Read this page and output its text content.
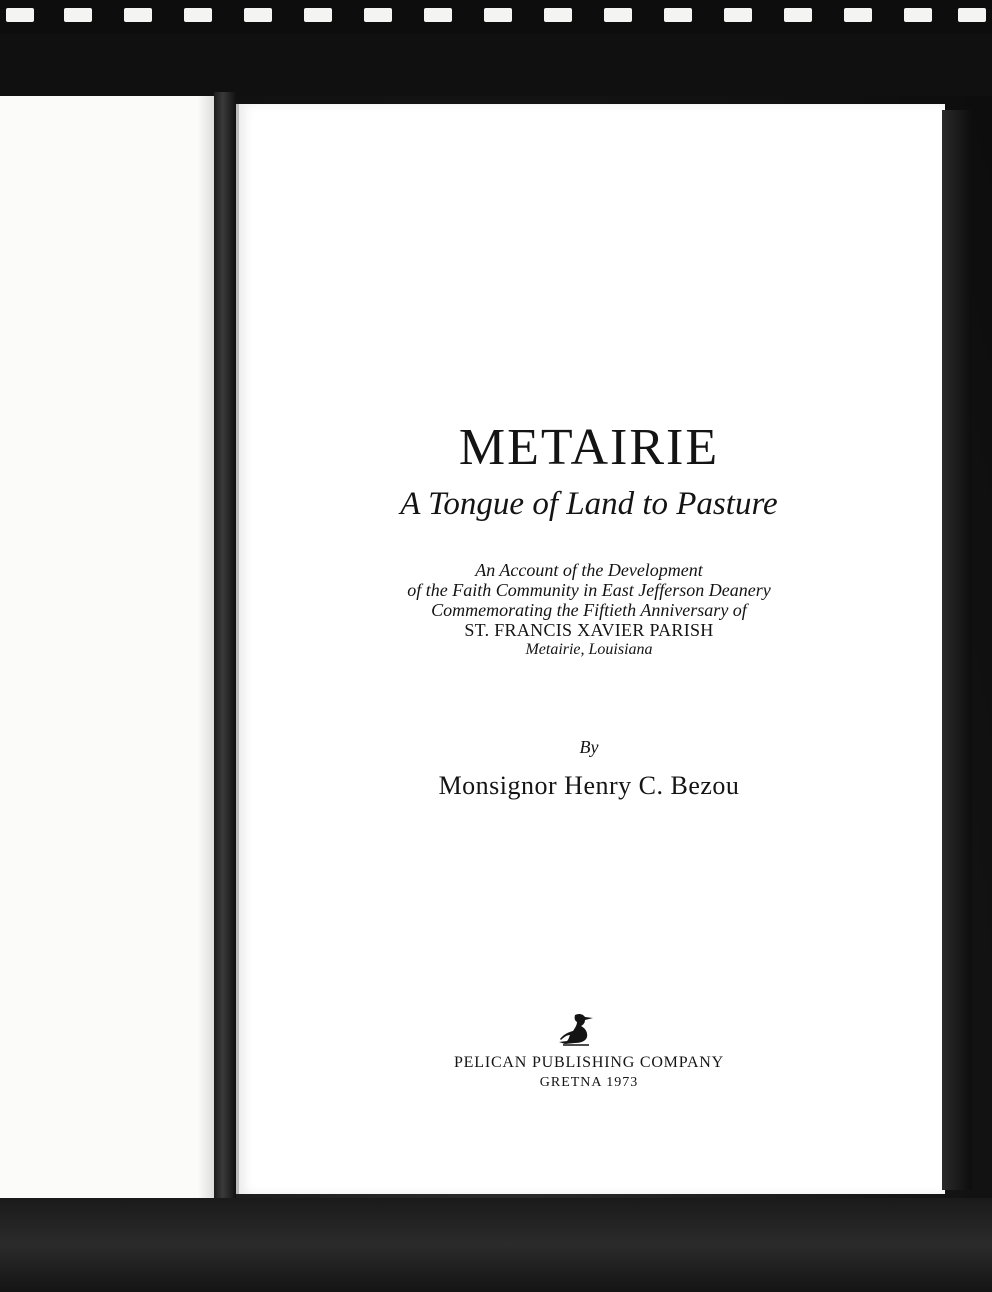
METAIRIE
A Tongue of Land to Pasture
An Account of the Development
of the Faith Community in East Jefferson Deanery
Commemorating the Fiftieth Anniversary of
ST. FRANCIS XAVIER PARISH
Metairie, Louisiana
By
Monsignor Henry C. Bezou
PELICAN PUBLISHING COMPANY
GRETNA 1973
